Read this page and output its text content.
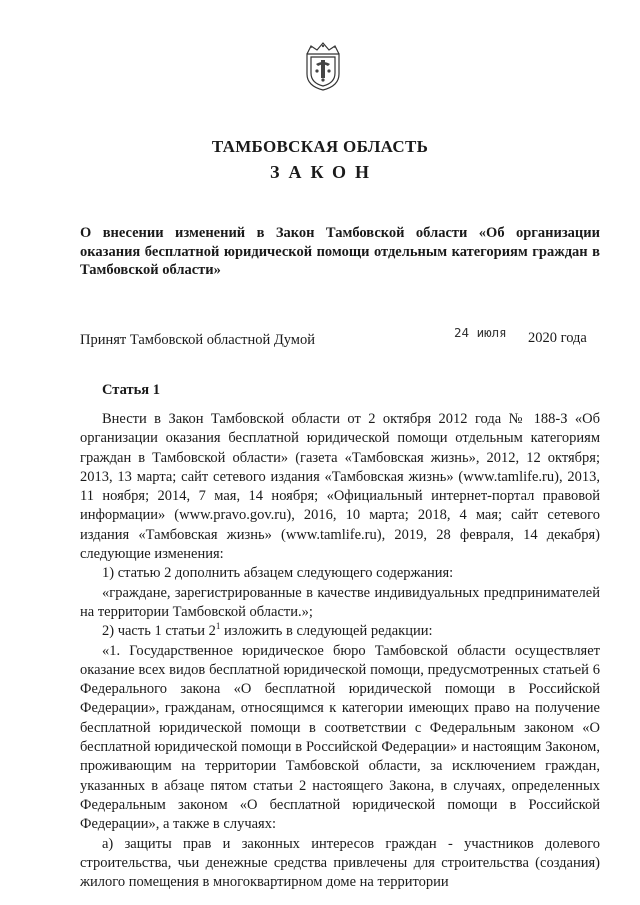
ТАМБОВСКАЯ ОБЛАСТЬ
ЗАКОН
О внесении изменений в Закон Тамбовской области «Об организации оказания бесплатной юридической помощи отдельным категориям граждан в Тамбовской области»
Принят Тамбовской областной Думой	24 июля 2020 года
Статья 1

Внести в Закон Тамбовской области от 2 октября 2012 года № 188-З «Об организации оказания бесплатной юридической помощи отдельным категориям граждан в Тамбовской области» (газета «Тамбовская жизнь», 2012, 12 октября; 2013, 13 марта; сайт сетевого издания «Тамбовская жизнь» (www.tamlife.ru), 2013, 11 ноября; 2014, 7 мая, 14 ноября; «Официальный интернет-портал правовой информации» (www.pravo.gov.ru), 2016, 10 марта; 2018, 4 мая; сайт сетевого издания «Тамбовская жизнь» (www.tamlife.ru), 2019, 28 февраля, 14 декабря) следующие изменения:

1) статью 2 дополнить абзацем следующего содержания:

«граждане, зарегистрированные в качестве индивидуальных предпринимателей на территории Тамбовской области.»;

2) часть 1 статьи $2^1$ изложить в следующей редакции:

«1. Государственное юридическое бюро Тамбовской области осуществляет оказание всех видов бесплатной юридической помощи, предусмотренных статьей 6 Федерального закона «О бесплатной юридической помощи в Российской Федерации», гражданам, относящимся к категории имеющих право на получение бесплатной юридической помощи в соответствии с Федеральным законом «О бесплатной юридической помощи в Российской Федерации» и настоящим Законом, проживающим на территории Тамбовской области, за исключением граждан, указанных в абзаце пятом статьи 2 настоящего Закона, в случаях, определенных Федеральным законом «О бесплатной юридической помощи в Российской Федерации», а также в случаях:

а) защиты прав и законных интересов граждан - участников долевого строительства, чьи денежные средства привлечены для строительства (создания) жилого помещения в многоквартирном доме на территории
